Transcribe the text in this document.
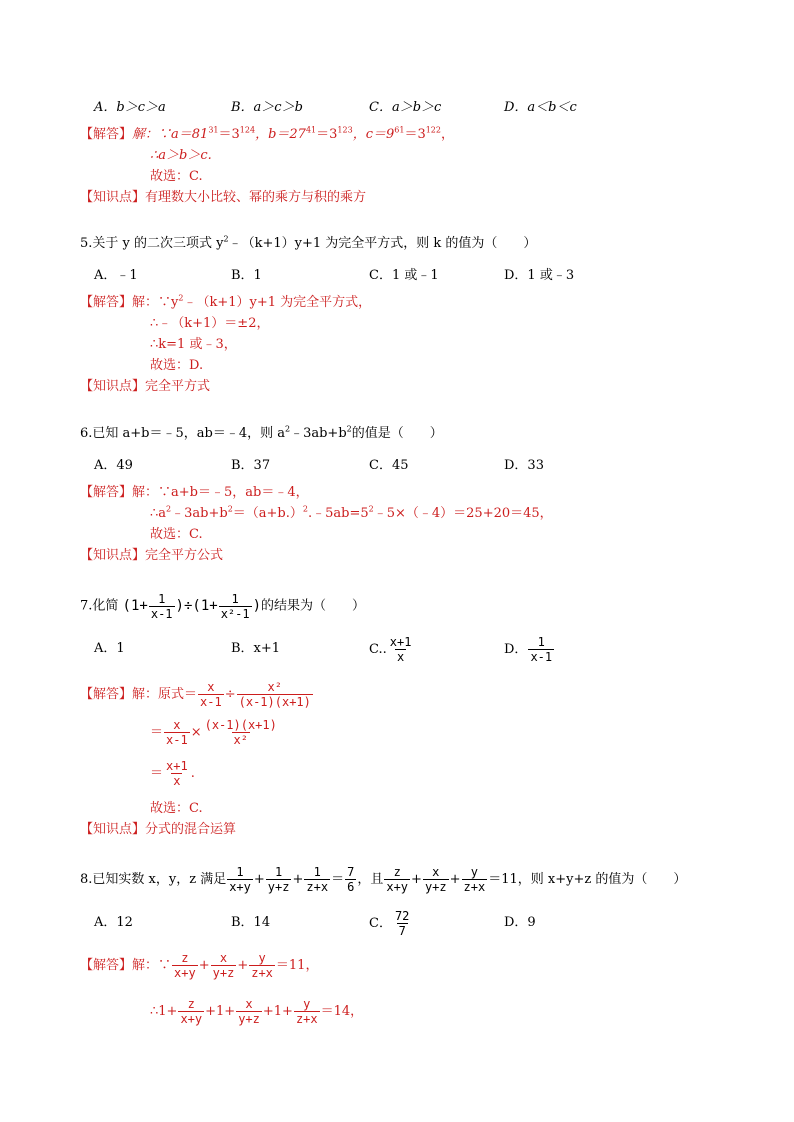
A．b＞c＞a	B．a＞c＞b	C．a＞b＞c	D．a＜b＜c
【解答】解：$\because a=81^{31}=3^{124}$，$b=27^{41}=3^{123}$，$c=9^{61}=3^{122}$，
∴a＞b＞c.
故选：C.
【知识点】有理数大小比较、幂的乘方与积的乘方
5.关于 y 的二次三项式 $y^2﹣(k+1)y+1$ 为完全平方式，则 k 的值为（　　）
A．﹣1	B．1	C．1 或﹣1	D．1 或﹣3
【解答】解：$\because y^2﹣(k+1)y+1$ 为完全平方式，
∴﹣（k+1）＝±2，
∴k=1 或﹣3，
故选：D.
【知识点】完全平方式
6.已知 a+b＝﹣5，ab＝﹣4，则 $a^2﹣3ab+b^2$的值是（　　）
A．49	B．37	C．45	D．33
【解答】解：∵a+b＝﹣5，ab＝﹣4，
$\therefore a^2﹣3ab+b^2=(a+b.)^2.﹣5ab=5^2﹣5\times(﹣4)=25+20=45$，
故选：C.
【知识点】完全平方公式
7.化简 $(1+ \frac{1}{x-1} )\div(1+ \frac{1}{\text{x²-1}}$ )的结果为（　　）
A．1	B．x+1	C.. $\frac{x+1}{x}$	D． $\frac{1}{x-1}$
【解答】解：原式＝ $\frac{x}{x-1} \div \frac{\text{x²}}{(x-1)(x+1)}$
＝ $\frac{x}{x-1} \times \frac{(x-1)(x+1)}{\text{x²}}$
＝ $\frac{x+1}{x}$ .
故选：C.
【知识点】分式的混合运算
8.已知实数 x，y，z 满足 $\frac{1}{x+y} + \frac{1}{y+z} + \frac{1}{z+x} = \frac{7}{6}$ ，且 $\frac{z}{x+y} + \frac{x}{y+z} + \frac{y}{z+x} =11$，则 x+y+z 的值为（　　）
A．12	B．14	C． $\frac{72}{7}$	D．9
【解答】解：∵ $\frac{z}{x+y} + \frac{x}{y+z} + \frac{y}{z+x} =11$，
∴1+ $\frac{z}{x+y} +1+ \frac{x}{y+z} +1+ \frac{y}{z+x} =14$，
